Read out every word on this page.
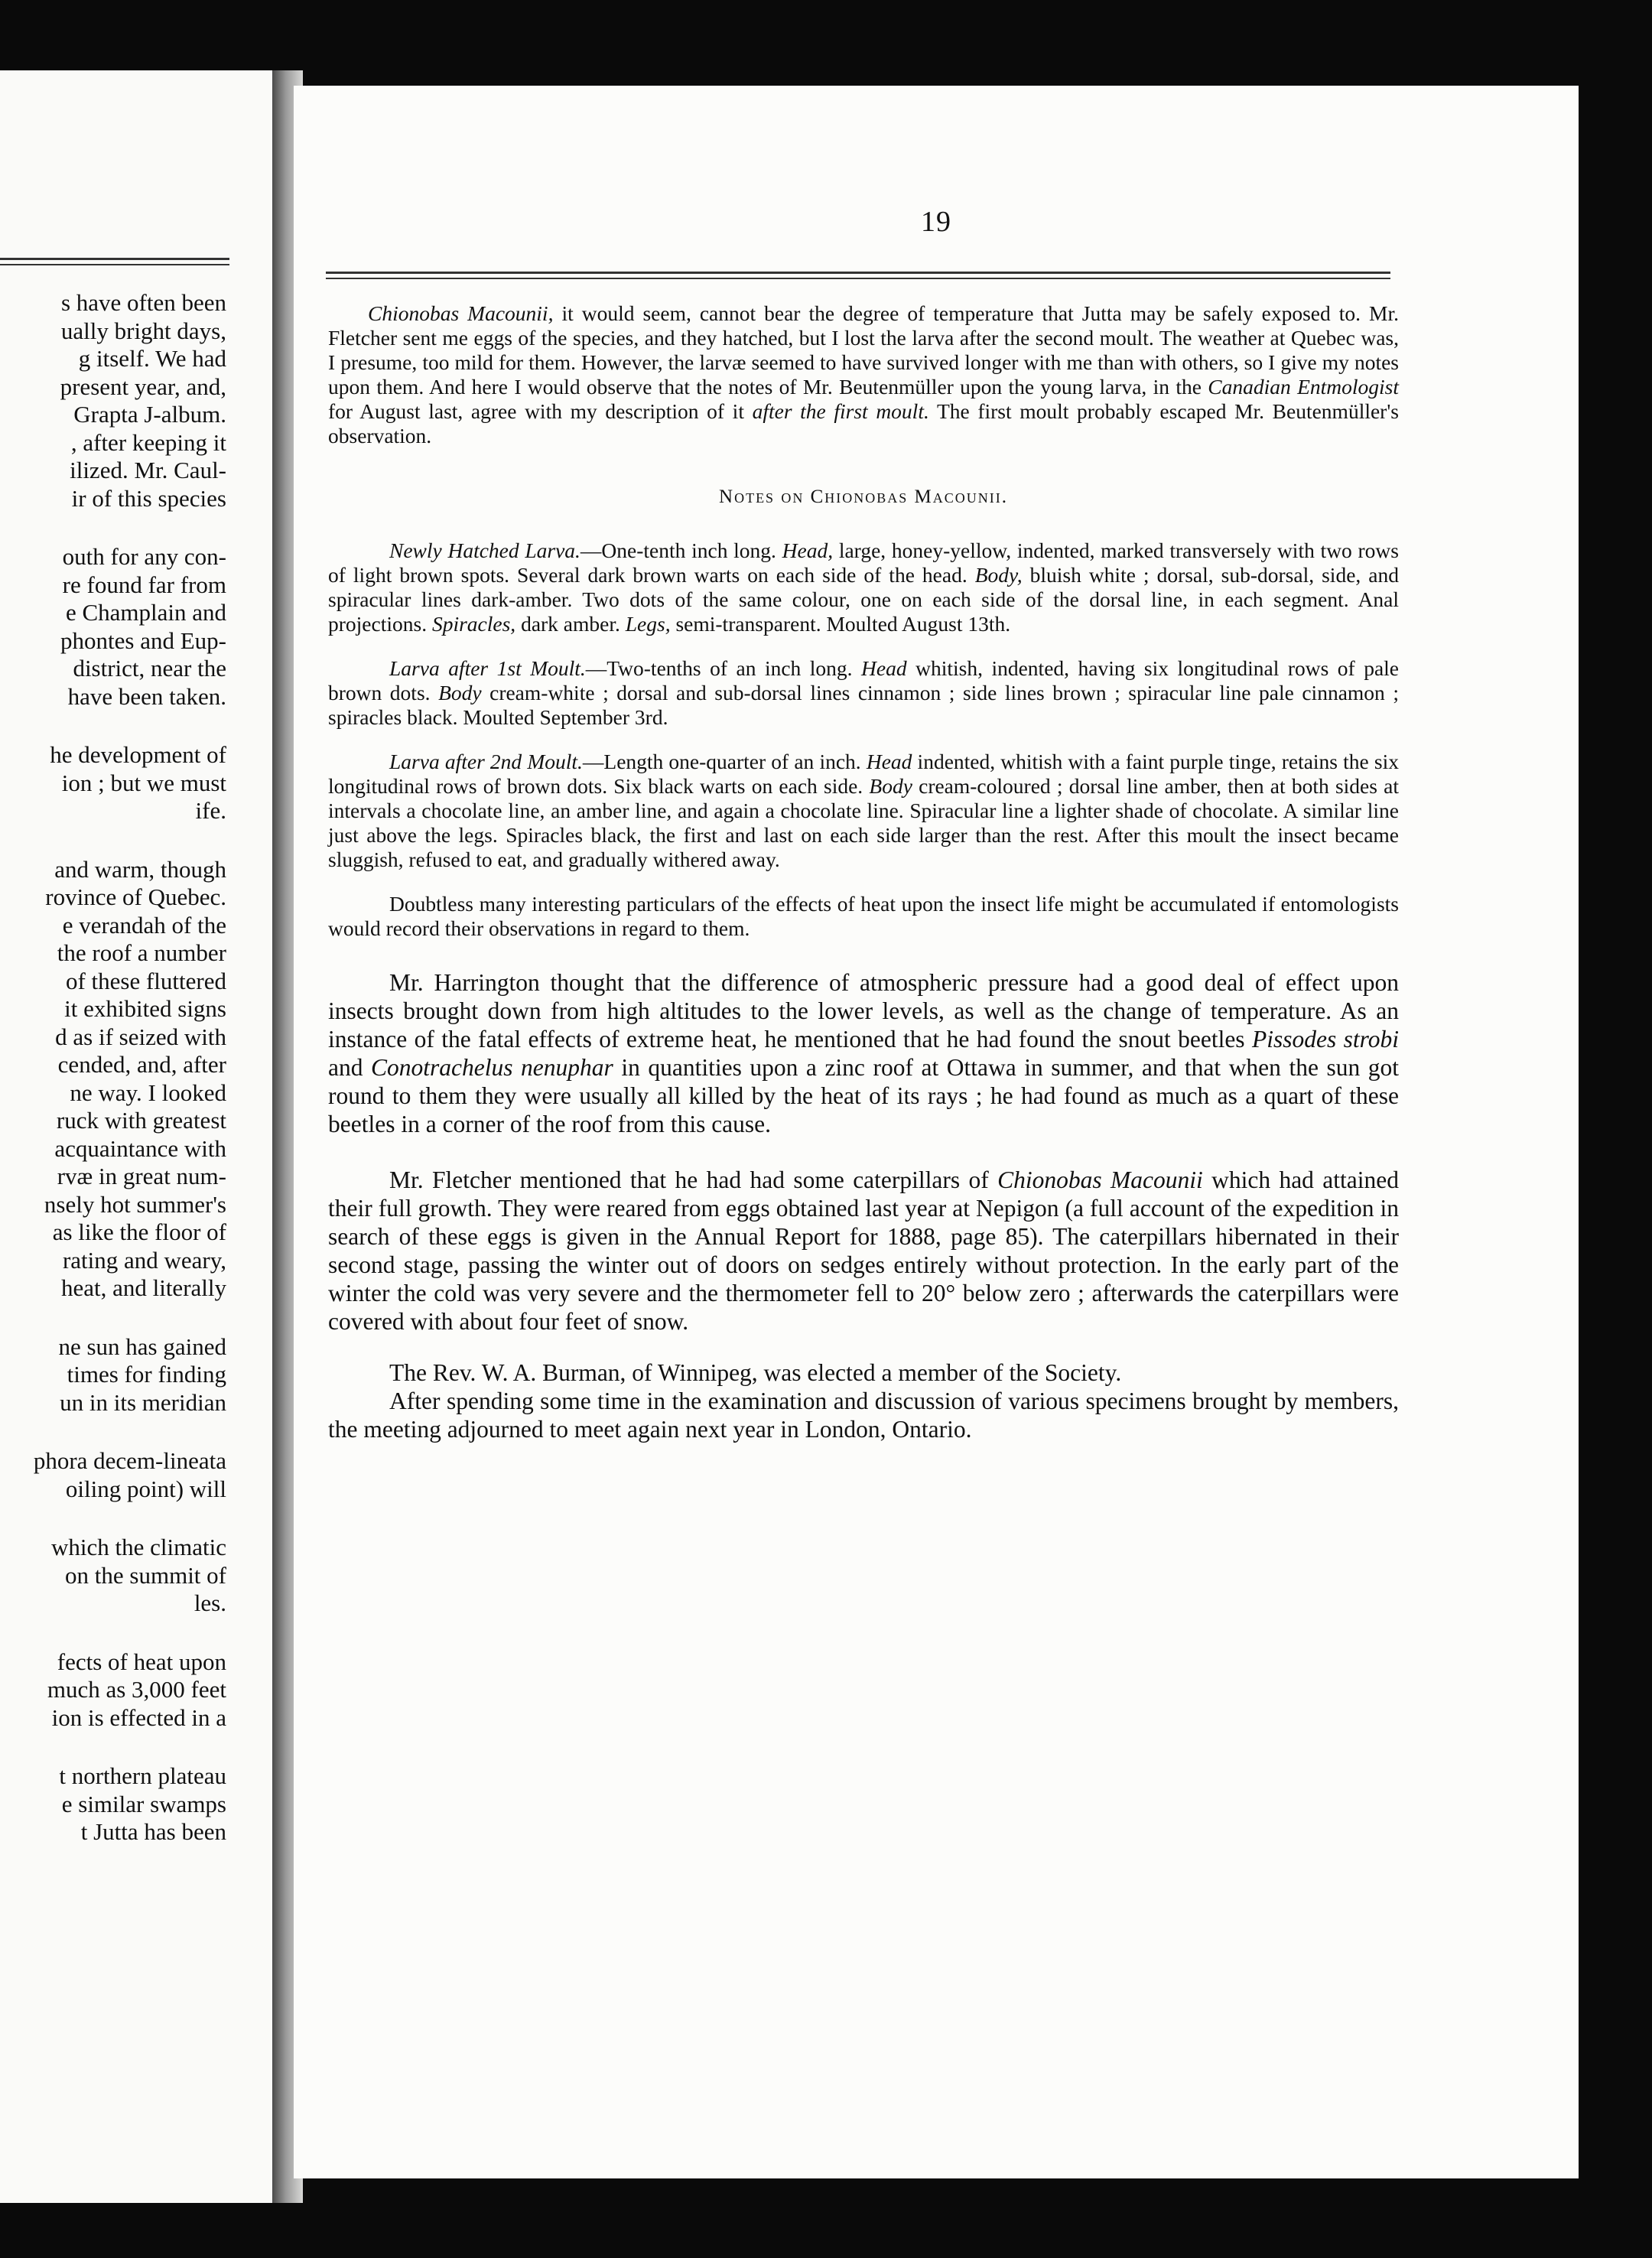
s have often been
ually bright days,
g itself. We had
present year, and,
Grapta J-album.
, after keeping it
ilized. Mr. Caul-
ir of this species
outh for any con-
re found far from
e Champlain and
phontes and Eup-
district, near the
have been taken.
he development of
ion ; but we must
ife.
and warm, though
rovince of Quebec.
e verandah of the
the roof a number
of these fluttered
it exhibited signs
d as if seized with
cended, and, after
ne way. I looked
ruck with greatest
acquaintance with
rvæ in great num-
nsely hot summer's
as like the floor of
rating and weary,
heat, and literally
ne sun has gained
times for finding
un in its meridian
phora decem-lineata
oiling point) will
which the climatic
on the summit of
les.
fects of heat upon
much as 3,000 feet
ion is effected in a
t northern plateau
e similar swamps
t Jutta has been
19

Chionobas Macounii, it would seem, cannot bear the degree of temperature that Jutta may be safely exposed to. Mr. Fletcher sent me eggs of the species, and they hatched, but I lost the larva after the second moult. The weather at Quebec was, I presume, too mild for them. However, the larvæ seemed to have survived longer with me than with others, so I give my notes upon them. And here I would observe that the notes of Mr. Beutenmüller upon the young larva, in the Canadian Entmologist for August last, agree with my description of it after the first moult. The first moult probably escaped Mr. Beutenmüller's observation.

Notes on Chionobas Macounii.

Newly Hatched Larva.—One-tenth inch long. Head, large, honey-yellow, indented, marked transversely with two rows of light brown spots. Several dark brown warts on each side of the head. Body, bluish white ; dorsal, sub-dorsal, side, and spiracular lines dark-amber. Two dots of the same colour, one on each side of the dorsal line, in each segment. Anal projections. Spiracles, dark amber. Legs, semi-transparent. Moulted August 13th.

Larva after 1st Moult.—Two-tenths of an inch long. Head whitish, indented, having six longitudinal rows of pale brown dots. Body cream-white ; dorsal and sub-dorsal lines cinnamon ; side lines brown ; spiracular line pale cinnamon ; spiracles black. Moulted September 3rd.

Larva after 2nd Moult.—Length one-quarter of an inch. Head indented, whitish with a faint purple tinge, retains the six longitudinal rows of brown dots. Six black warts on each side. Body cream-coloured ; dorsal line amber, then at both sides at intervals a chocolate line, an amber line, and again a chocolate line. Spiracular line a lighter shade of chocolate. A similar line just above the legs. Spiracles black, the first and last on each side larger than the rest. After this moult the insect became sluggish, refused to eat, and gradually withered away.

Doubtless many interesting particulars of the effects of heat upon the insect life might be accumulated if entomologists would record their observations in regard to them.

Mr. Harrington thought that the difference of atmospheric pressure had a good deal of effect upon insects brought down from high altitudes to the lower levels, as well as the change of temperature. As an instance of the fatal effects of extreme heat, he mentioned that he had found the snout beetles Pissodes strobi and Conotrachelus nenuphar in quantities upon a zinc roof at Ottawa in summer, and that when the sun got round to them they were usually all killed by the heat of its rays ; he had found as much as a quart of these beetles in a corner of the roof from this cause.

Mr. Fletcher mentioned that he had had some caterpillars of Chionobas Macounii which had attained their full growth. They were reared from eggs obtained last year at Nepigon (a full account of the expedition in search of these eggs is given in the Annual Report for 1888, page 85). The caterpillars hibernated in their second stage, passing the winter out of doors on sedges entirely without protection. In the early part of the winter the cold was very severe and the thermometer fell to 20° below zero ; afterwards the caterpillars were covered with about four feet of snow.

The Rev. W. A. Burman, of Winnipeg, was elected a member of the Society.

After spending some time in the examination and discussion of various specimens brought by members, the meeting adjourned to meet again next year in London, Ontario.
